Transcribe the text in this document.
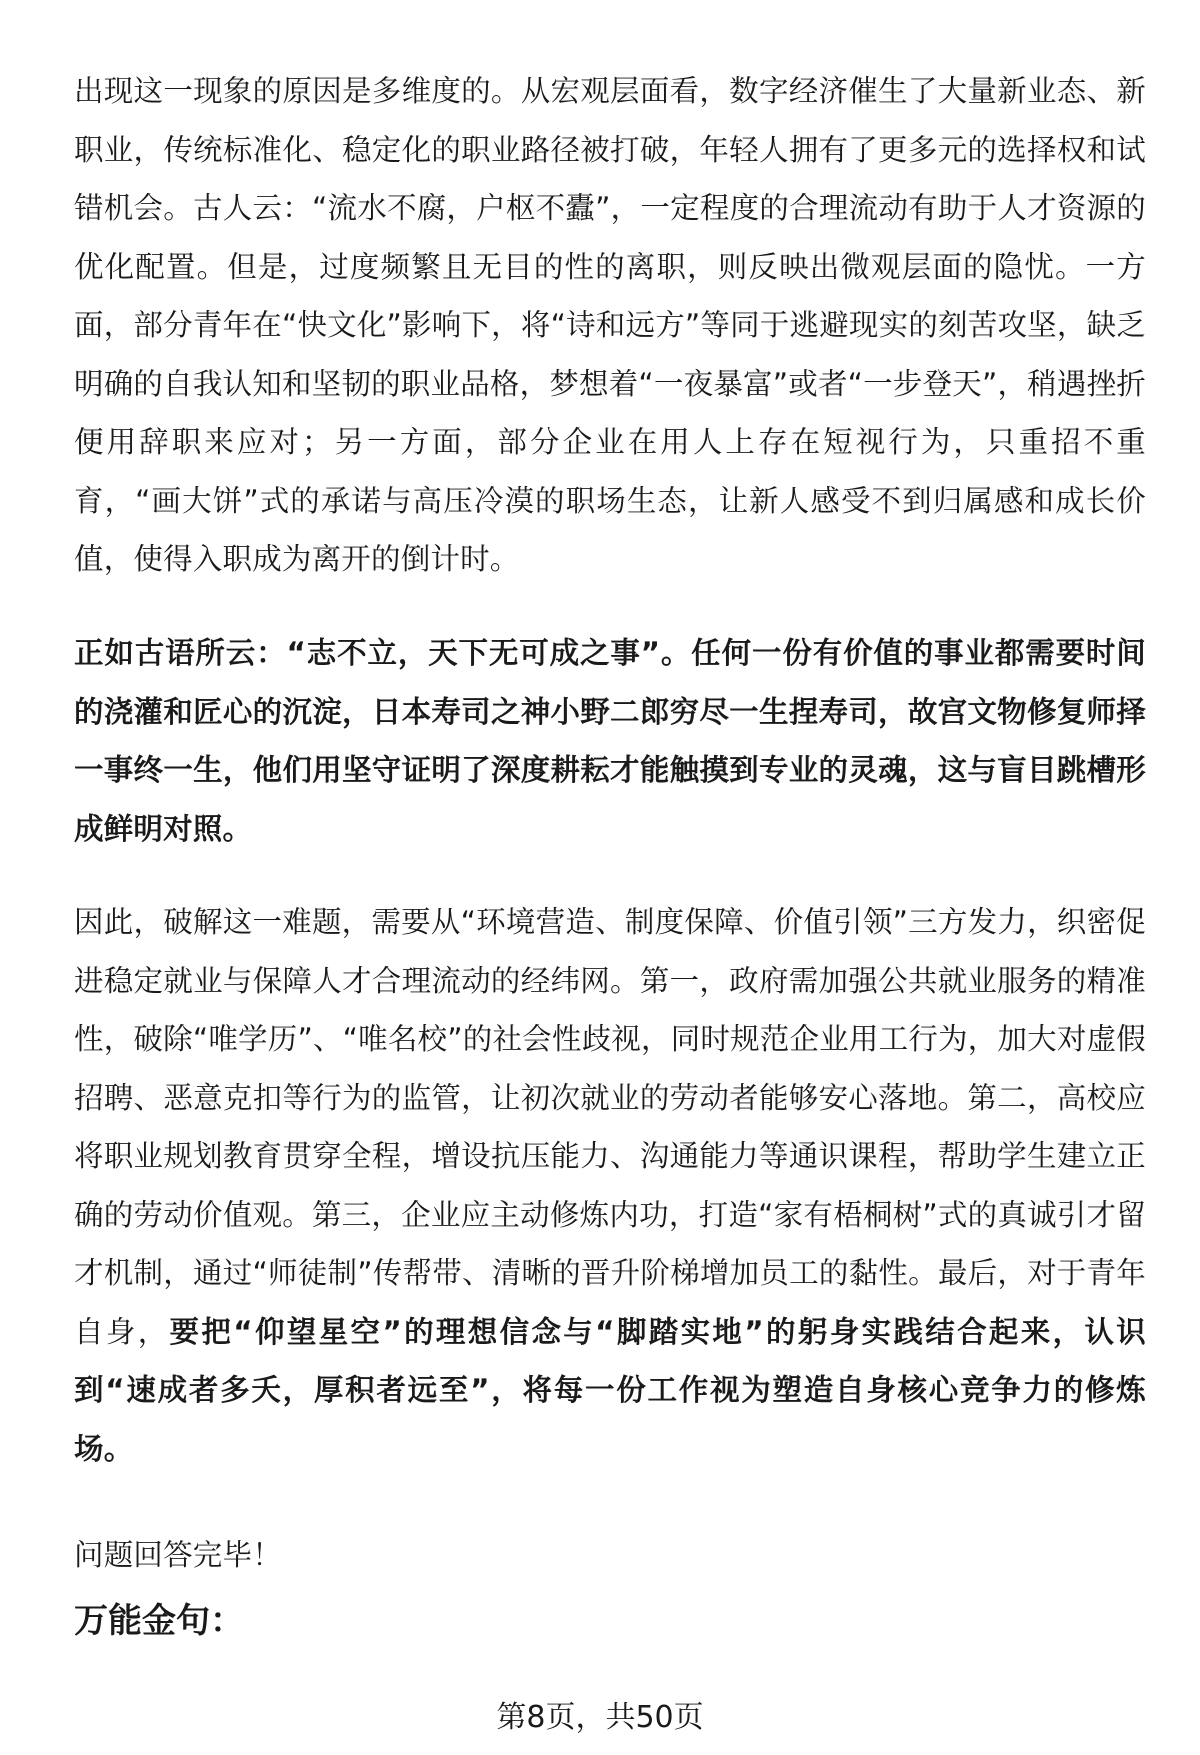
出现这一现象的原因是多维度的。从宏观层面看，数字经济催生了大量新业态、新职业，传统标准化、稳定化的职业路径被打破，年轻人拥有了更多元的选择权和试错机会。古人云：“流水不腐，户枢不蠹”，一定程度的合理流动有助于人才资源的优化配置。但是，过度频繁且无目的性的离职，则反映出微观层面的隐忧。一方面，部分青年在“快文化”影响下，将“诗和远方”等同于逃避现实的刻苦攻坚，缺乏明确的自我认知和坚韧的职业品格，梦想着“一夜暴富”或者“一步登天”，稍遇挫折便用辞职来应对；另一方面，部分企业在用人上存在短视行为，只重招不重育，“画大饼”式的承诺与高压冷漠的职场生态，让新人感受不到归属感和成长价值，使得入职成为离开的倒计时。

正如古语所云：“志不立，天下无可成之事”。任何一份有价值的事业都需要时间的浇灌和匠心的沉淀，日本寿司之神小野二郎穷尽一生捏寿司，故宫文物修复师择一事终一生，他们用坚守证明了深度耕耘才能触摸到专业的灵魂，这与盲目跳槽形成鲜明对照。

因此，破解这一难题，需要从“环境营造、制度保障、价值引领”三方发力，织密促进稳定就业与保障人才合理流动的经纬网。第一，政府需加强公共就业服务的精准性，破除“唯学历”、“唯名校”的社会性歧视，同时规范企业用工行为，加大对虚假招聘、恶意克扣等行为的监管，让初次就业的劳动者能够安心落地。第二，高校应将职业规划教育贯穿全程，增设抗压能力、沟通能力等通识课程，帮助学生建立正确的劳动价值观。第三，企业应主动修炼内功，打造“家有梧桐树”式的真诚引才留才机制，通过“师徒制”传帮带、清晰的晋升阶梯增加员工的黏性。最后，对于青年自身，要把“仰望星空”的理想信念与“脚踏实地”的躬身实践结合起来，认识到“速成者多夭，厚积者远至”，将每一份工作视为塑造自身核心竞争力的修炼场。

问题回答完毕！

万能金句：
第8页，共50页
